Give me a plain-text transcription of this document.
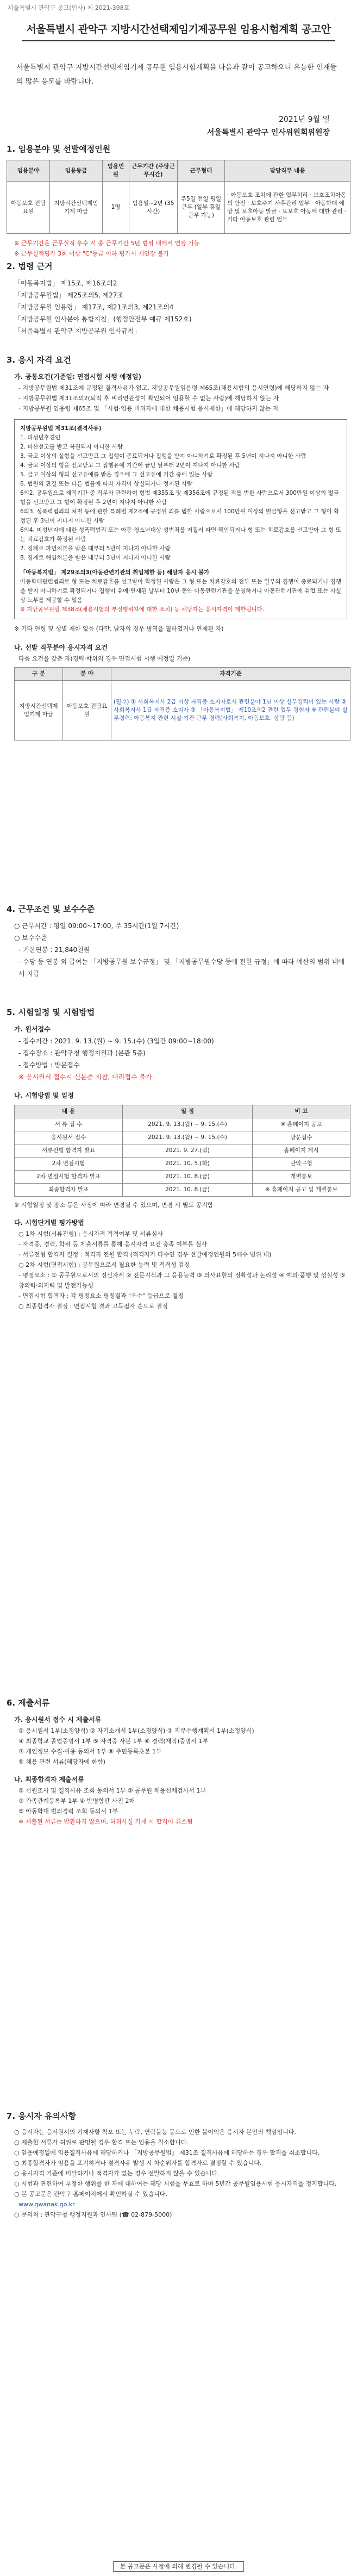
서울특별시 관악구 공고(인사) 제 2021-398호
서울특별시 관악구 지방시간선택제임기제공무원 임용시험계획 공고안
서울특별시 관악구 지방시간선택제임기제 공무원 임용시험계획을 다음과 같이 공고하오니 유능한 인재들의 많은 응모를 바랍니다.
2021년 9월 일
서울특별시 관악구 인사위원회위원장
1. 임용분야 및 선발예정인원
임용분야	임용등급	임용인원	근무기간 (주당근무시간)	근무형태	담당직무 내용
아동보호 전담요원	지방시간선택제임기제 마급	1명	임용일~2년 (35시간)	주5일 전일 평일근무 (일부 휴일 근무 가능)	· 아동보호 조치에 관한 업무처리 · 보호조치아동의 안전 · 보호주기 사후관리 업무 · 아동학대 예방 및 보호아동 발굴 · 요보호 아동에 대한 관리 · 기타 아동보호 관련 업무
※ 근무기간은 근무실적 우수 시 총 근무기간 5년 범위 내에서 연장 가능
※ 근무실적평가 3회 이상 "C"등급 이하 평가시 재연장 불가
2. 법령 근거
「아동복지법」 제15조, 제16조의2
「지방공무원법」 제25조의5, 제27조
「지방공무원 임용령」 제17조, 제21조의3, 제21조의4
「지방공무원 인사분야 통합지침」(행정안전부 예규 제152호)
「서울특별시 관악구 지방공무원 인사규칙」
3. 응시 자격 요건
가. 공통요건(기준일: 면접시험 시행 예정일)
- 지방공무원법 제31조에 규정된 결격사유가 없고, 지방공무원임용령 제65조(채용시험의 응시연령)에 해당하지 않는 자
- 지방공무원법 제31조의2(퇴직 후 비리연관성이 확인되어 임용할 수 없는 사람)에 해당하지 않는 자
- 지방공무원 임용령 제65조 및 「시험·임용 비위자에 대한 채용시험 응시제한」에 해당하지 않는 자
지방공무원법 제31조(결격사유)
1. 피성년후견인
2. 파산선고를 받고 복권되지 아니한 사람
3. 금고 이상의 실형을 선고받고 그 집행이 종료되거나 집행을 받지 아니하기로 확정된 후 5년이 지나지 아니한 사람
4. 금고 이상의 형을 선고받고 그 집행유예 기간이 끝난 날부터 2년이 지나지 아니한 사람
5. 금고 이상의 형의 선고유예를 받은 경우에 그 선고유예 기간 중에 있는 사람
6. 법원의 판결 또는 다른 법률에 따라 자격이 상실되거나 정지된 사람
6의2. 공무원으로 재직기간 중 직무와 관련하여 형법 제355조 및 제356조에 규정된 죄를 범한 사람으로서 300만원 이상의 벌금형을 선고받고 그 형이 확정된 후 2년이 지나지 아니한 사람
6의3. 성폭력범죄의 처벌 등에 관한 특례법 제2조에 규정된 죄를 범한 사람으로서 100만원 이상의 벌금형을 선고받고 그 형이 확정된 후 3년이 지나지 아니한 사람
6의4. 미성년자에 대한 성폭력범죄 또는 아동·청소년대상 성범죄를 저질러 파면·해임되거나 형 또는 치료감호를 선고받아 그 형 또는 치료감호가 확정된 사람
7. 징계로 파면처분을 받은 때부터 5년이 지나지 아니한 사람
8. 징계로 해임처분을 받은 때부터 3년이 지나지 아니한 사람
「아동복지법」 제29조의3(아동관련기관의 취업제한 등) 해당자 응시 불가
아동학대관련범죄로 형 또는 치료감호를 선고받아 확정된 사람은 그 형 또는 치료감호의 전부 또는 일부의 집행이 종료되거나 집행을 받지 아니하기로 확정되거나 집행이 유예·면제된 날부터 10년 동안 아동관련기관을 운영하거나 아동관련기관에 취업 또는 사실상 노무를 제공할 수 없음
※ 지방공무원법 제38조(채용시험의 부정행위자에 대한 조치) 등 해당자는 응시자격이 제한됩니다.
※ 기타 연령 및 성별 제한 없음 (다만, 남자의 경우 병역을 필하였거나 면제된 자)
나. 선발 직무분야 응시자격 요건
다음 요건을 갖춘 자(경력·학위의 경우 면접시험 시행 예정일 기준)
구 분	분 야	자격기준
지방시간선택제임기제 마급	아동보호 전담요원	(필수) ① 사회복지사 2급 이상 자격증 소지자로서 관련분야 1년 이상 실무경력이 있는 사람 ② 사회복지사 1급 자격증 소지자 ③ 「아동복지법」 제10조의2 관련 업무 경험자 ※ 관련분야 실무경력: 아동복지 관련 시설·기관 근무 경력(사회복지, 아동보호, 상담 등)
4. 근무조건 및 보수수준
○ 근무시간 : 평일 09:00~17:00, 주 35시간(1일 7시간)
○ 보수수준
- 기본연봉 : 21,840천원
- 수당 등 연봉 외 급여는 「지방공무원 보수규정」 및 「지방공무원수당 등에 관한 규정」에 따라 예산의 범위 내에서 지급
5. 시험일정 및 시험방법
가. 원서접수
- 접수기간 : 2021. 9. 13.(월) ~ 9. 15.(수) (3일간 09:00~18:00)
- 접수장소 : 관악구청 행정지원과 (본관 5층)
- 접수방법 : 방문접수
※ 응시원서 접수시 신분증 지참, 대리접수 불가
나. 시험방법 및 일정
내 용	일 정	비 고
서 류 접 수	2021. 9. 13.(월) ~ 9. 15.(수)	※ 홈페이지 공고
응시원서 접수	2021. 9. 13.(월) ~ 9. 15.(수)	방문접수
서류전형 합격자 발표	2021. 9. 27.(월)	홈페이지 게시
2차 면접시험	2021. 10. 5.(화)	관악구청
2차 면접시험 합격자 발표	2021. 10. 8.(금)	개별통보
최종합격자 발표	2021. 10. 8.(금)	※ 홈페이지 공고 및 개별통보
※ 시험일정 및 장소 등은 사정에 따라 변경될 수 있으며, 변경 시 별도 공지함
다. 시험단계별 평가방법
○ 1차 시험(서류전형) : 응시자격 적격여부 및 서류심사
- 자격증, 경력, 학위 등 제출서류를 통해 응시자격 요건 충족 여부를 심사
- 서류전형 합격자 결정 : 적격자 전원 합격 (적격자가 다수인 경우 선발예정인원의 5배수 범위 내)
○ 2차 시험(면접시험) : 공무원으로서 필요한 능력 및 적격성 검정
- 평정요소 : ① 공무원으로서의 정신자세 ② 전문지식과 그 응용능력 ③ 의사표현의 정확성과 논리성 ④ 예의·품행 및 성실성 ⑤ 창의력·의지력 및 발전가능성
- 면접시험 합격자 : 각 평정요소 평정결과 "우수" 등급으로 결정
○ 최종합격자 결정 : 면접시험 결과 고득점자 순으로 결정
6. 제출서류
가. 응시원서 접수 시 제출서류
① 응시원서 1부(소정양식) ② 자기소개서 1부(소정양식) ③ 직무수행계획서 1부(소정양식)
④ 최종학교 졸업증명서 1부 ⑤ 자격증 사본 1부 ⑥ 경력(재직)증명서 1부
⑦ 개인정보 수집·이용 동의서 1부 ⑧ 주민등록초본 1부
⑨ 채용 관련 서류(해당자에 한함)
나. 최종합격자 제출서류
① 신원조사 및 결격사유 조회 동의서 1부 ② 공무원 채용신체검사서 1부
③ 가족관계등록부 1부 ④ 반명함판 사진 2매
⑤ 아동학대 범죄경력 조회 동의서 1부
※ 제출된 서류는 반환하지 않으며, 허위사실 기재 시 합격이 취소됨
7. 응시자 유의사항
○ 응시자는 응시원서의 기재사항 착오 또는 누락, 연락불능 등으로 인한 불이익은 응시자 본인의 책임입니다.
○ 제출한 서류가 허위로 판명될 경우 합격 또는 임용을 취소합니다.
○ 임용예정일에 임용결격사유에 해당하거나 「지방공무원법」 제31조 결격사유에 해당하는 경우 합격을 취소합니다.
○ 최종합격자가 임용을 포기하거나 결격사유 발생 시 차순위자를 합격자로 결정할 수 있습니다.
○ 응시자격 기준에 미달하거나 적격자가 없는 경우 선발하지 않을 수 있습니다.
○ 시험과 관련하여 부정한 행위를 한 자에 대하여는 해당 시험을 무효로 하며 5년간 공무원임용시험 응시자격을 정지합니다.
○ 본 공고문은 관악구 홈페이지에서 확인하실 수 있습니다.
www.gwanak.go.kr
○ 문의처 : 관악구청 행정지원과 인사팀 (☎ 02-879-5000)
본 공고문은 사정에 의해 변경될 수 있습니다.
